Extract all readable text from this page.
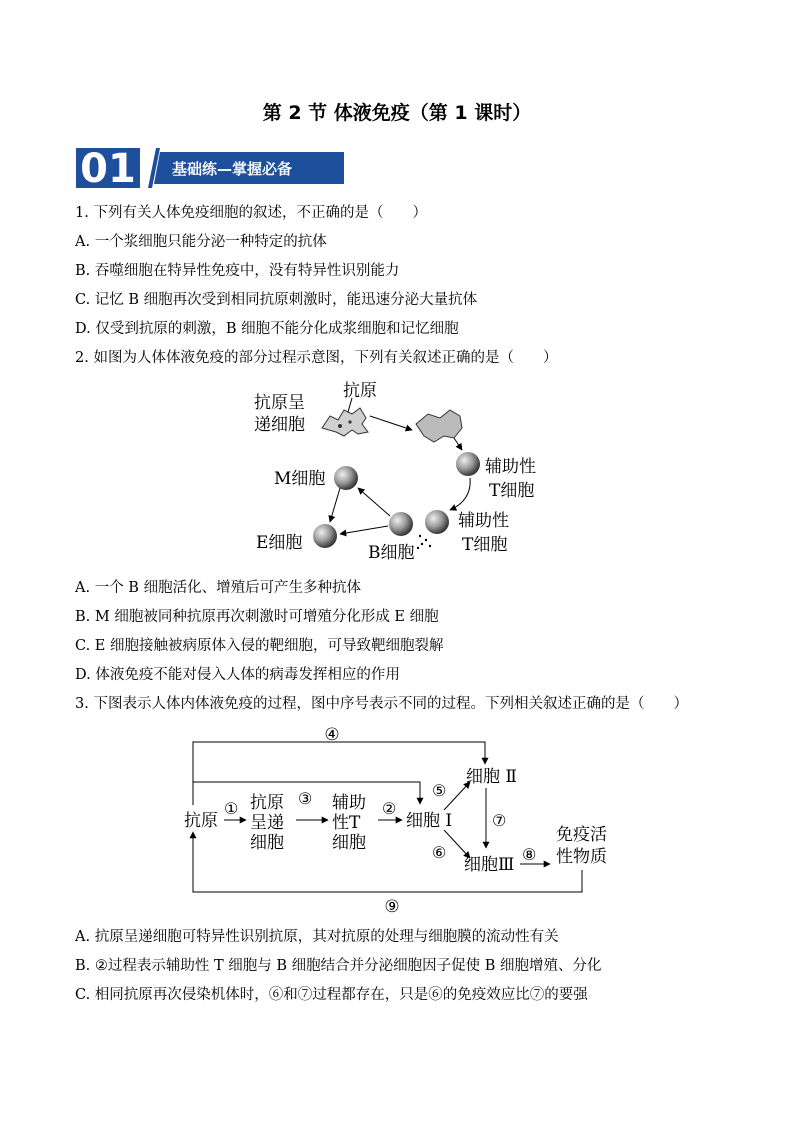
第 2 节 体液免疫（第 1 课时）
01 基础练—掌握必备
1. 下列有关人体免疫细胞的叙述，不正确的是（　　）
A. 一个浆细胞只能分泌一种特定的抗体
B. 吞噬细胞在特异性免疫中，没有特异性识别能力
C. 记忆 B 细胞再次受到相同抗原刺激时，能迅速分泌大量抗体
D. 仅受到抗原的刺激，B 细胞不能分化成浆细胞和记忆细胞
2. 如图为人体体液免疫的部分过程示意图，下列有关叙述正确的是（　　）
抗原呈
递细胞
抗原
辅助性
T细胞
辅助性
T细胞
B细胞
M细胞
E细胞
A. 一个 B 细胞活化、增殖后可产生多种抗体
B. M 细胞被同种抗原再次刺激时可增殖分化形成 E 细胞
C. E 细胞接触被病原体入侵的靶细胞，可导致靶细胞裂解
D. 体液免疫不能对侵入人体的病毒发挥相应的作用
3. 下图表示人体内体液免疫的过程，图中序号表示不同的过程。下列相关叙述正确的是（　　）
④
抗原
① 抗原
呈递
细胞
③ 辅助
性T
细胞
②
细胞 Ⅰ
⑤
细胞 Ⅱ
⑦
⑥
细胞Ⅲ
⑧
免疫活
性物质
⑨
A. 抗原呈递细胞可特异性识别抗原，其对抗原的处理与细胞膜的流动性有关
B. ②过程表示辅助性 T 细胞与 B 细胞结合并分泌细胞因子促使 B 细胞增殖、分化
C. 相同抗原再次侵染机体时，⑥和⑦过程都存在，只是⑥的免疫效应比⑦的要强
